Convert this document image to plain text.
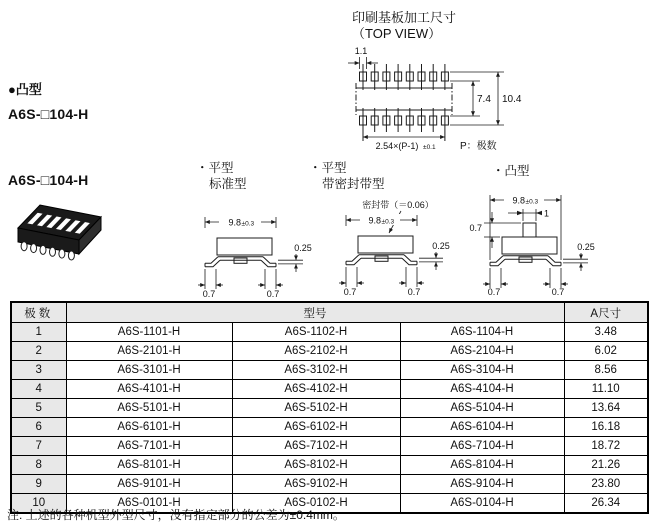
印刷基板加工尺寸
（TOP VIEW）
1.1
7.4 10.4
2.54×(P-1) ±0.1 P：极数
●凸型
A6S-□104-H
A6S-□104-H
・平型
标准型
・平型
带密封带型
・凸型
9.8 ±0.3
0.25
0.7	0.7
密封带（＝0.06）
9.8 ±0.3
0.25
0.7	0.7
9.8 ±0.3
1
0.7
0.25
0.7	0.7
极数	型号			A尺寸
1	A6S-1101-H	A6S-1102-H	A6S-1104-H	3.48
2	A6S-2101-H	A6S-2102-H	A6S-2104-H	6.02
3	A6S-3101-H	A6S-3102-H	A6S-3104-H	8.56
4	A6S-4101-H	A6S-4102-H	A6S-4104-H	11.10
5	A6S-5101-H	A6S-5102-H	A6S-5104-H	13.64
6	A6S-6101-H	A6S-6102-H	A6S-6104-H	16.18
7	A6S-7101-H	A6S-7102-H	A6S-7104-H	18.72
8	A6S-8101-H	A6S-8102-H	A6S-8104-H	21.26
9	A6S-9101-H	A6S-9102-H	A6S-9104-H	23.80
10	A6S-0101-H	A6S-0102-H	A6S-0104-H	26.34
注. 上述的各种机型外型尺寸，没有指定部分的公差为±0.4mm。
